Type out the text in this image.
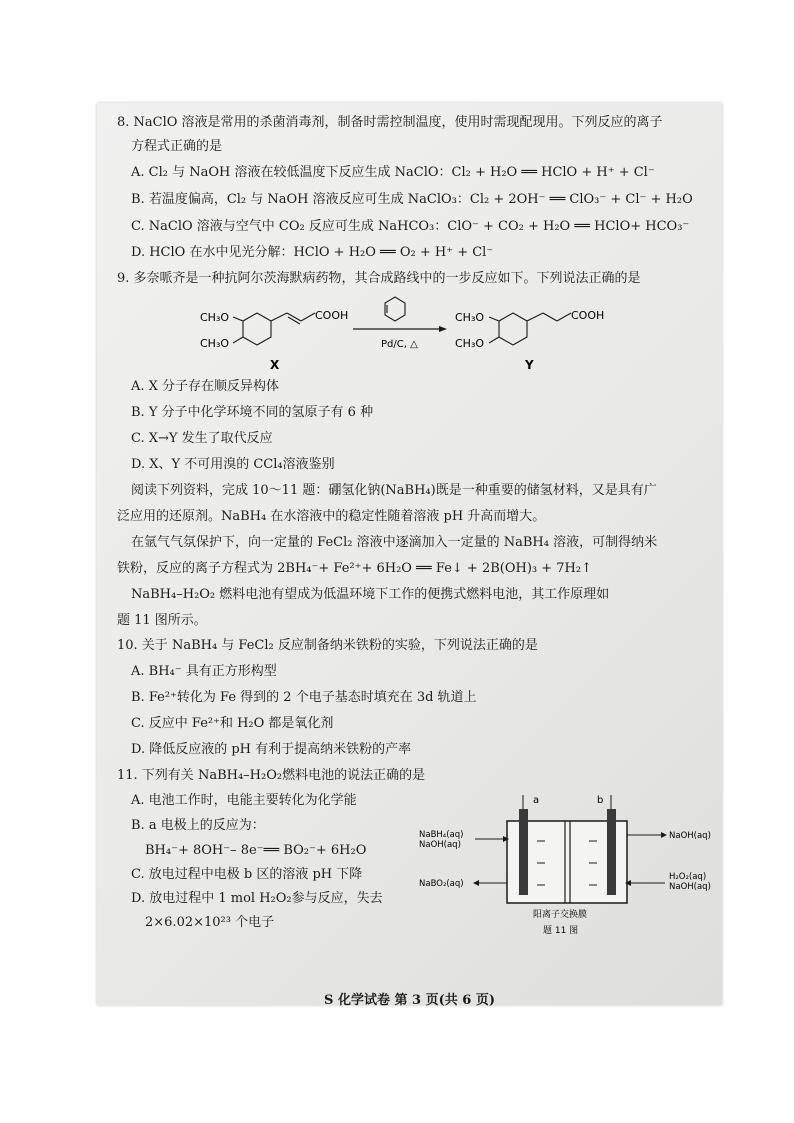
8. NaClO 溶液是常用的杀菌消毒剂，制备时需控制温度，使用时需现配现用。下列反应的离子
方程式正确的是
A. Cl₂ 与 NaOH 溶液在较低温度下反应生成 NaClO：Cl₂ + H₂O ══ HClO + H⁺ + Cl⁻
B. 若温度偏高，Cl₂ 与 NaOH 溶液反应可生成 NaClO₃：Cl₂ + 2OH⁻ ══ ClO₃⁻ + Cl⁻ + H₂O
C. NaClO 溶液与空气中 CO₂ 反应可生成 NaHCO₃：ClO⁻ + CO₂ + H₂O ══ HClO+ HCO₃⁻
D. HClO 在水中见光分解：HClO + H₂O ══ O₂ + H⁺ + Cl⁻
9. 多奈哌齐是一种抗阿尔茨海默病药物，其合成路线中的一步反应如下。下列说法正确的是
CH₃O
CH₃O
COOH
X
Pd/C, △
CH₃O
CH₃O
COOH
Y
A. X 分子存在顺反异构体
B. Y 分子中化学环境不同的氢原子有 6 种
C. X→Y 发生了取代反应
D. X、Y 不可用溴的 CCl₄溶液鉴别
阅读下列资料，完成 10～11 题：硼氢化钠(NaBH₄)既是一种重要的储氢材料，又是具有广
泛应用的还原剂。NaBH₄ 在水溶液中的稳定性随着溶液 pH 升高而增大。
在氩气气氛保护下，向一定量的 FeCl₂ 溶液中逐滴加入一定量的 NaBH₄ 溶液，可制得纳米
铁粉，反应的离子方程式为 2BH₄⁻+ Fe²⁺+ 6H₂O ══ Fe↓ + 2B(OH)₃ + 7H₂↑
NaBH₄–H₂O₂ 燃料电池有望成为低温环境下工作的便携式燃料电池，其工作原理如
题 11 图所示。
10. 关于 NaBH₄ 与 FeCl₂ 反应制备纳米铁粉的实验，下列说法正确的是
A. BH₄⁻ 具有正方形构型
B. Fe²⁺转化为 Fe 得到的 2 个电子基态时填充在 3d 轨道上
C. 反应中 Fe²⁺和 H₂O 都是氧化剂
D. 降低反应液的 pH 有利于提高纳米铁粉的产率
11. 下列有关 NaBH₄–H₂O₂燃料电池的说法正确的是
A. 电池工作时，电能主要转化为化学能
B. a 电极上的反应为：
BH₄⁻+ 8OH⁻– 8e⁻══ BO₂⁻+ 6H₂O
C. 放电过程中电极 b 区的溶液 pH 下降
D. 放电过程中 1 mol H₂O₂参与反应，失去
2×6.02×10²³ 个电子
a	b
NaBH₄(aq)
NaOH(aq)
NaBO₂(aq)
NaOH(aq)
H₂O₂(aq)
NaOH(aq)
阳离子交换膜
题 11 图
S 化学试卷 第 3 页(共 6 页)
